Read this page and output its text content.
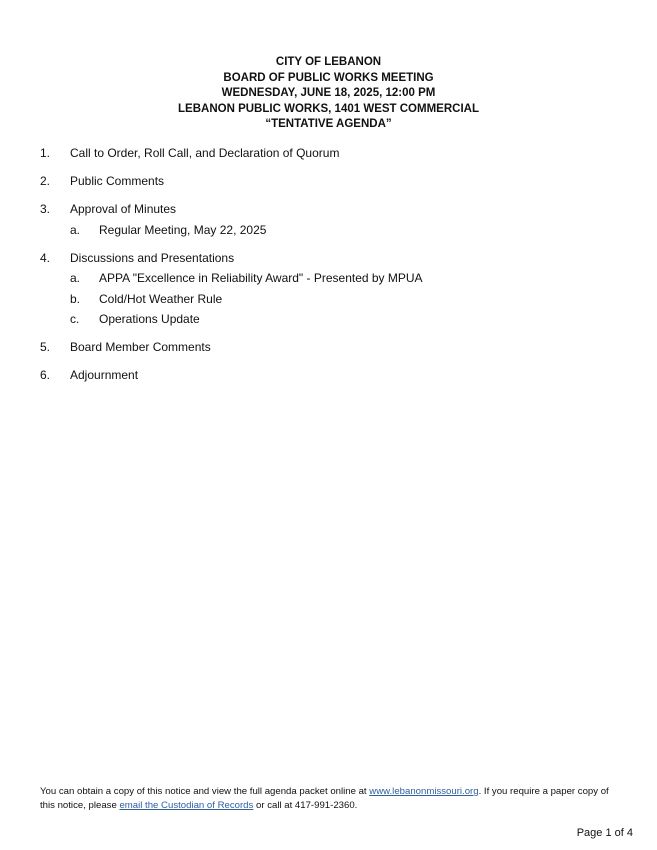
CITY OF LEBANON
BOARD OF PUBLIC WORKS MEETING
WEDNESDAY, JUNE 18, 2025, 12:00 PM
LEBANON PUBLIC WORKS, 1401 WEST COMMERCIAL
“TENTATIVE AGENDA”
1. Call to Order, Roll Call, and Declaration of Quorum
2. Public Comments
3. Approval of Minutes
a. Regular Meeting, May 22, 2025
4. Discussions and Presentations
a. APPA "Excellence in Reliability Award" - Presented by MPUA
b. Cold/Hot Weather Rule
c. Operations Update
5. Board Member Comments
6. Adjournment
You can obtain a copy of this notice and view the full agenda packet online at www.lebanonmissouri.org. If you require a paper copy of this notice, please email the Custodian of Records or call at 417-991-2360.
Page 1 of 4
